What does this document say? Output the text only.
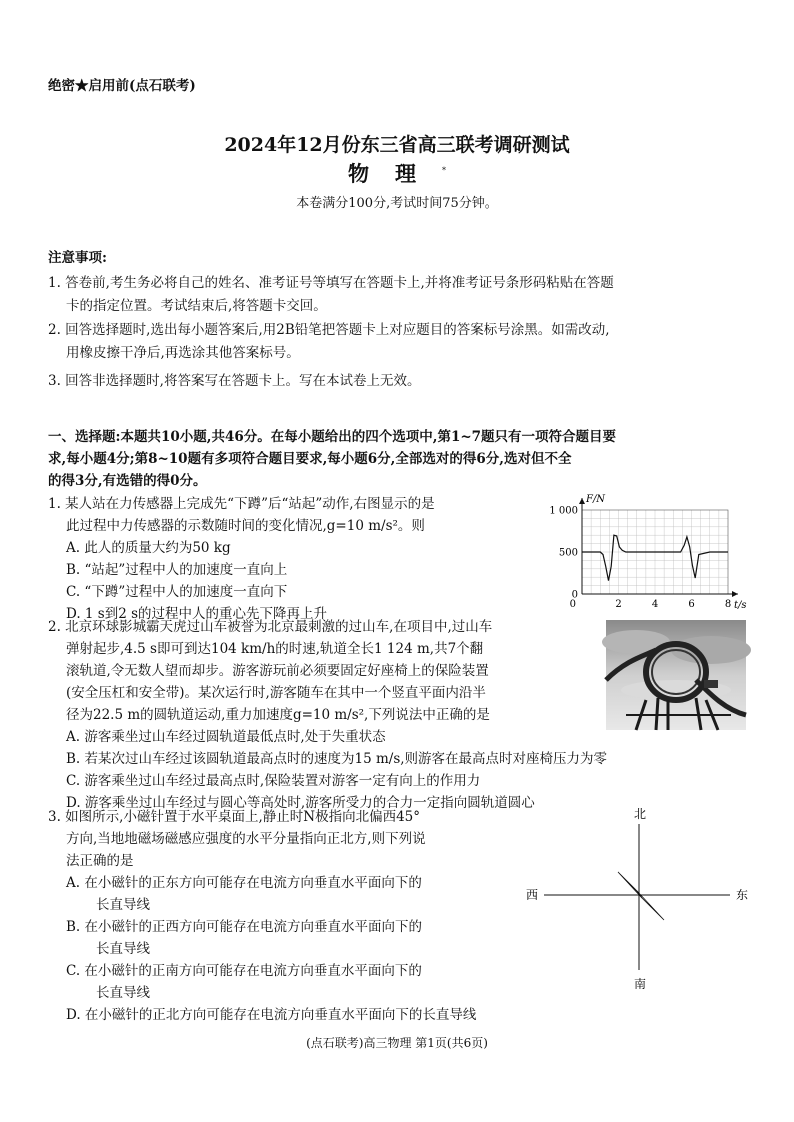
绝密★启用前(点石联考)
2024年12月份东三省高三联考调研测试
物理*
本卷满分100分,考试时间75分钟。
注意事项:
1. 答卷前,考生务必将自己的姓名、准考证号等填写在答题卡上,并将准考证号条形码粘贴在答题
卡的指定位置。考试结束后,将答题卡交回。
2. 回答选择题时,选出每小题答案后,用2B铅笔把答题卡上对应题目的答案标号涂黑。如需改动,
用橡皮擦干净后,再选涂其他答案标号。
3. 回答非选择题时,将答案写在答题卡上。写在本试卷上无效。
一、选择题:本题共10小题,共46分。在每小题给出的四个选项中,第1~7题只有一项符合题目要
求,每小题4分;第8~10题有多项符合题目要求,每小题6分,全部选对的得6分,选对但不全
的得3分,有选错的得0分。
1. 某人站在力传感器上完成先“下蹲”后“站起”动作,右图显示的是
此过程中力传感器的示数随时间的变化情况,g=10 m/s²。则
A. 此人的质量大约为50 kg
B. “站起”过程中人的加速度一直向上
C. “下蹲”过程中人的加速度一直向下
D. 1 s到2 s的过程中人的重心先下降再上升
F/N
t/s
0
500
1 000
2	4	6	8
0
2. 北京环球影城霸天虎过山车被誉为北京最刺激的过山车,在项目中,过山车
弹射起步,4.5 s即可到达104 km/h的时速,轨道全长1 124 m,共7个翻
滚轨道,令无数人望而却步。游客游玩前必须要固定好座椅上的保险装置
(安全压杠和安全带)。某次运行时,游客随车在其中一个竖直平面内沿半
径为22.5 m的圆轨道运动,重力加速度g=10 m/s²,下列说法中正确的是
A. 游客乘坐过山车经过圆轨道最低点时,处于失重状态
B. 若某次过山车经过该圆轨道最高点时的速度为15 m/s,则游客在最高点时对座椅压力为零
C. 游客乘坐过山车经过最高点时,保险装置对游客一定有向上的作用力
D. 游客乘坐过山车经过与圆心等高处时,游客所受力的合力一定指向圆轨道圆心
3. 如图所示,小磁针置于水平桌面上,静止时N极指向北偏西45°
方向,当地地磁场磁感应强度的水平分量指向正北方,则下列说
法正确的是
A. 在小磁针的正东方向可能存在电流方向垂直水平面向下的
长直导线
B. 在小磁针的正西方向可能存在电流方向垂直水平面向下的
长直导线
C. 在小磁针的正南方向可能存在电流方向垂直水平面向下的
长直导线
D. 在小磁针的正北方向可能存在电流方向垂直水平面向下的长直导线
北
南
西	东
(点石联考)高三物理 第1页(共6页)
